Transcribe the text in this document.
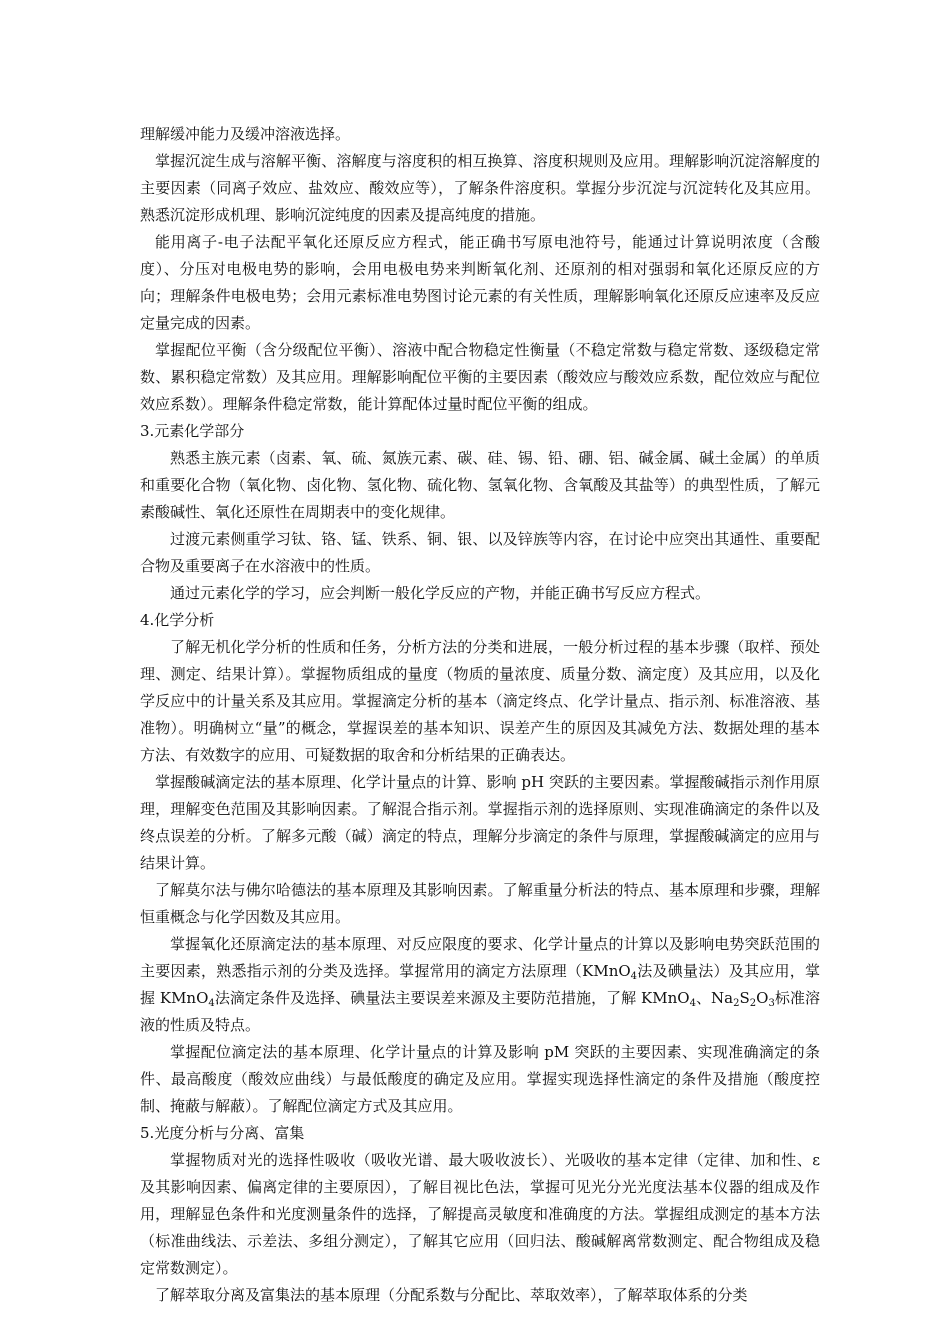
理解缓冲能力及缓冲溶液选择。

掌握沉淀生成与溶解平衡、溶解度与溶度积的相互换算、溶度积规则及应用。理解影响沉淀溶解度的主要因素（同离子效应、盐效应、酸效应等），了解条件溶度积。掌握分步沉淀与沉淀转化及其应用。熟悉沉淀形成机理、影响沉淀纯度的因素及提高纯度的措施。

能用离子-电子法配平氧化还原反应方程式，能正确书写原电池符号，能通过计算说明浓度（含酸度）、分压对电极电势的影响，会用电极电势来判断氧化剂、还原剂的相对强弱和氧化还原反应的方向；理解条件电极电势；会用元素标准电势图讨论元素的有关性质，理解影响氧化还原反应速率及反应定量完成的因素。

掌握配位平衡（含分级配位平衡）、溶液中配合物稳定性衡量（不稳定常数与稳定常数、逐级稳定常数、累积稳定常数）及其应用。理解影响配位平衡的主要因素（酸效应与酸效应系数，配位效应与配位效应系数）。理解条件稳定常数，能计算配体过量时配位平衡的组成。

3.元素化学部分

熟悉主族元素（卤素、氧、硫、氮族元素、碳、硅、锡、铅、硼、铝、碱金属、碱土金属）的单质和重要化合物（氧化物、卤化物、氢化物、硫化物、氢氧化物、含氧酸及其盐等）的典型性质，了解元素酸碱性、氧化还原性在周期表中的变化规律。

过渡元素侧重学习钛、铬、锰、铁系、铜、银、以及锌族等内容，在讨论中应突出其通性、重要配合物及重要离子在水溶液中的性质。

通过元素化学的学习，应会判断一般化学反应的产物，并能正确书写反应方程式。

4.化学分析

了解无机化学分析的性质和任务，分析方法的分类和进展，一般分析过程的基本步骤（取样、预处理、测定、结果计算）。掌握物质组成的量度（物质的量浓度、质量分数、滴定度）及其应用，以及化学反应中的计量关系及其应用。掌握滴定分析的基本（滴定终点、化学计量点、指示剂、标准溶液、基准物）。明确树立“量”的概念，掌握误差的基本知识、误差产生的原因及其减免方法、数据处理的基本方法、有效数字的应用、可疑数据的取舍和分析结果的正确表达。

掌握酸碱滴定法的基本原理、化学计量点的计算、影响 pH 突跃的主要因素。掌握酸碱指示剂作用原理，理解变色范围及其影响因素。了解混合指示剂。掌握指示剂的选择原则、实现准确滴定的条件以及终点误差的分析。了解多元酸（碱）滴定的特点，理解分步滴定的条件与原理，掌握酸碱滴定的应用与结果计算。

了解莫尔法与佛尔哈德法的基本原理及其影响因素。了解重量分析法的特点、基本原理和步骤，理解恒重概念与化学因数及其应用。

掌握氧化还原滴定法的基本原理、对反应限度的要求、化学计量点的计算以及影响电势突跃范围的主要因素，熟悉指示剂的分类及选择。掌握常用的滴定方法原理（KMnO$_4$法及碘量法）及其应用，掌握 KMnO$_4$法滴定条件及选择、碘量法主要误差来源及主要防范措施，了解 KMnO$_4$、$Na_2S_2O_3$标准溶液的性质及特点。

掌握配位滴定法的基本原理、化学计量点的计算及影响 pM 突跃的主要因素、实现准确滴定的条件、最高酸度（酸效应曲线）与最低酸度的确定及应用。掌握实现选择性滴定的条件及措施（酸度控制、掩蔽与解蔽）。了解配位滴定方式及其应用。

5.光度分析与分离、富集

掌握物质对光的选择性吸收（吸收光谱、最大吸收波长）、光吸收的基本定律（定律、加和性、ε 及其影响因素、偏离定律的主要原因），了解目视比色法，掌握可见光分光光度法基本仪器的组成及作用，理解显色条件和光度测量条件的选择，了解提高灵敏度和准确度的方法。掌握组成测定的基本方法（标准曲线法、示差法、多组分测定），了解其它应用（回归法、酸碱解离常数测定、配合物组成及稳定常数测定）。

了解萃取分离及富集法的基本原理（分配系数与分配比、萃取效率），了解萃取体系的分类
